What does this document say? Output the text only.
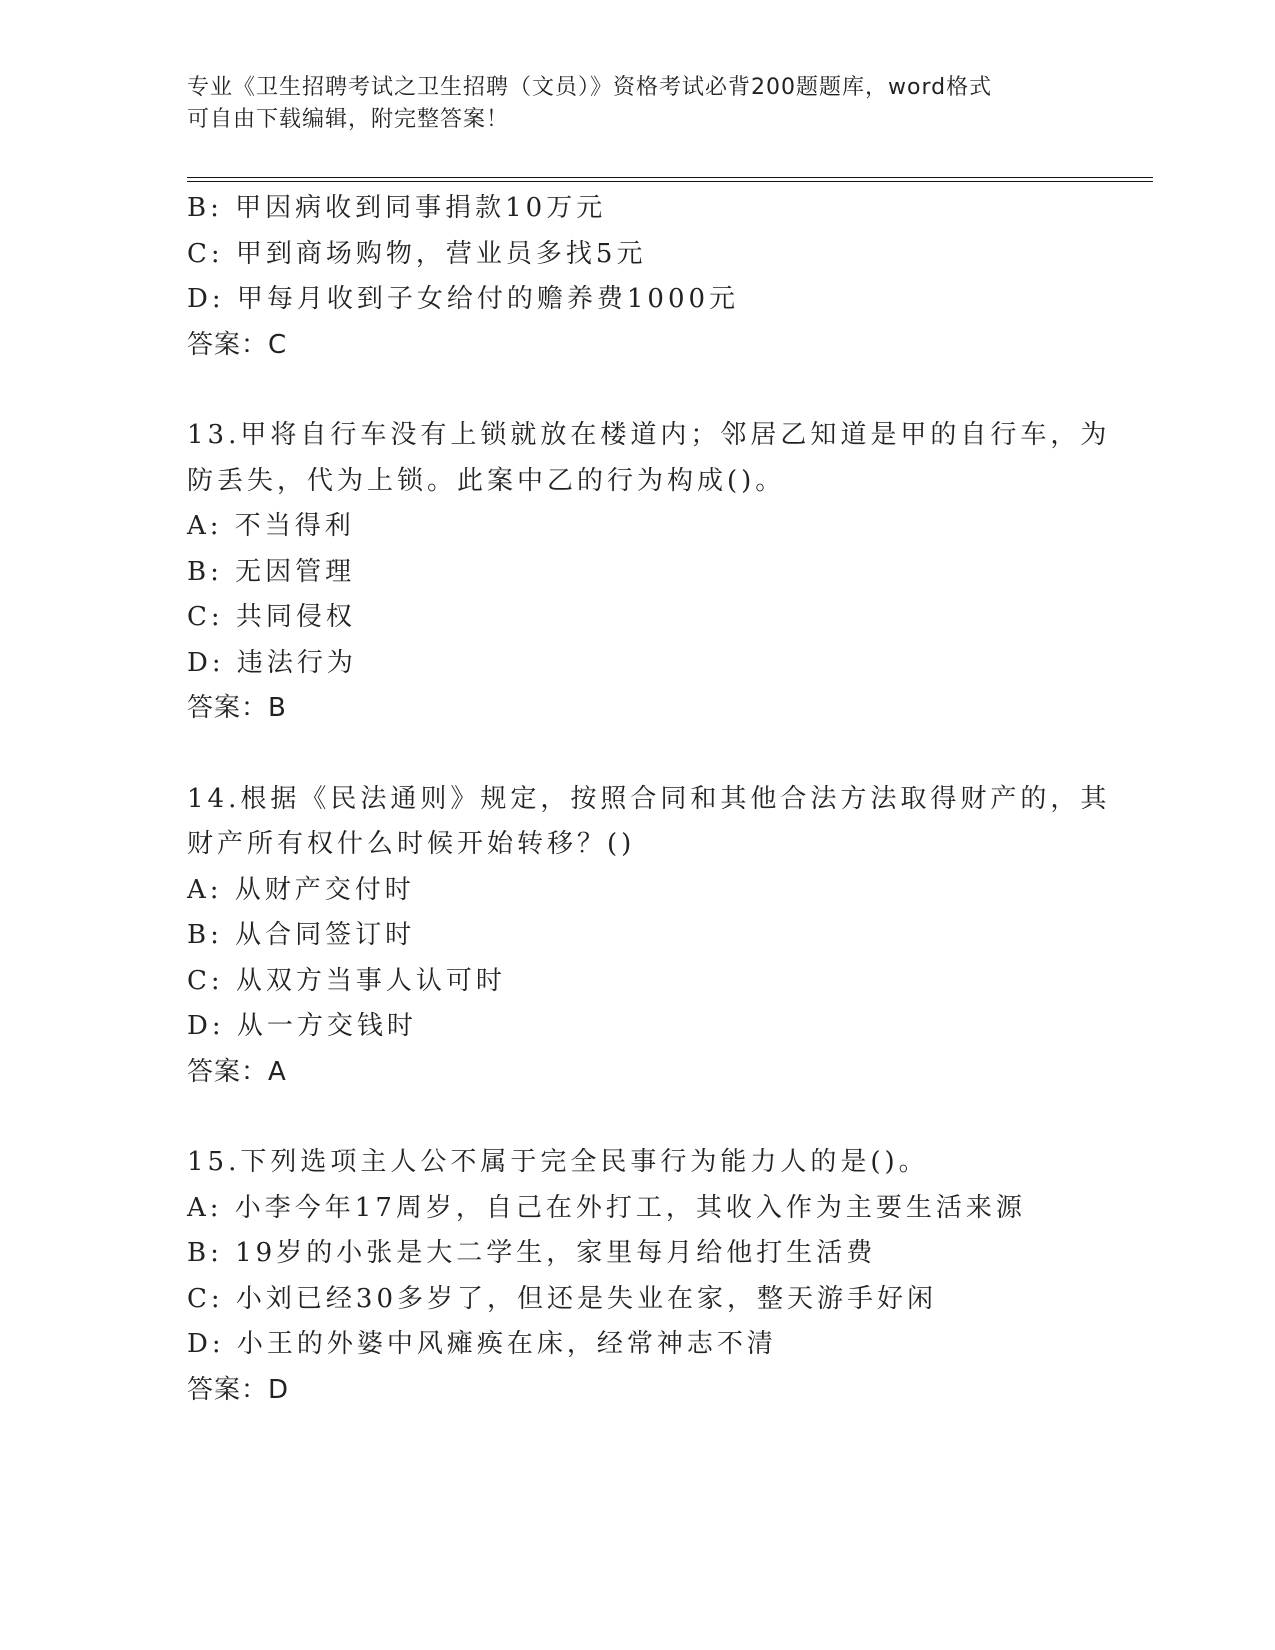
专业《卫生招聘考试之卫生招聘（文员）》资格考试必背200题题库，word格式
可自由下载编辑，附完整答案！
B: 甲因病收到同事捐款10万元
C: 甲到商场购物，营业员多找5元
D: 甲每月收到子女给付的赡养费1000元
答案：C
13.甲将自行车没有上锁就放在楼道内；邻居乙知道是甲的自行车，为
防丢失，代为上锁。此案中乙的行为构成()。
A: 不当得利
B: 无因管理
C: 共同侵权
D: 违法行为
答案：B
14.根据《民法通则》规定，按照合同和其他合法方法取得财产的，其
财产所有权什么时候开始转移？()
A: 从财产交付时
B: 从合同签订时
C: 从双方当事人认可时
D: 从一方交钱时
答案：A
15.下列选项主人公不属于完全民事行为能力人的是()。
A: 小李今年17周岁，自己在外打工，其收入作为主要生活来源
B: 19岁的小张是大二学生，家里每月给他打生活费
C: 小刘已经30多岁了，但还是失业在家，整天游手好闲
D: 小王的外婆中风瘫痪在床，经常神志不清
答案：D
